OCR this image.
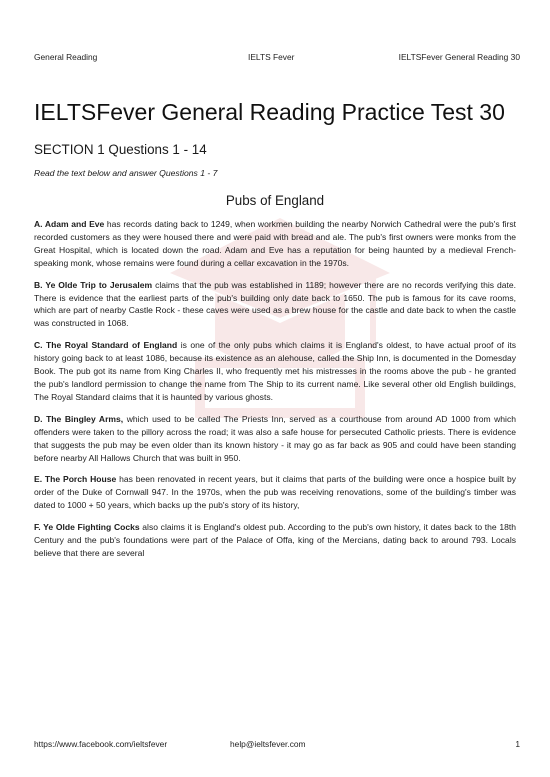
General Reading	IELTS Fever	IELTSFever General Reading 30
IELTSFever General Reading Practice Test 30
SECTION 1 Questions 1 - 14

Read the text below and answer Questions 1 - 7

Pubs of England

A. Adam and Eve has records dating back to 1249, when workmen building the nearby Norwich Cathedral were the pub's first recorded customers as they were housed there and were paid with bread and ale. The pub's first owners were monks from the Great Hospital, which is located down the road. Adam and Eve has a reputation for being haunted by a medieval French-speaking monk, whose remains were found during a cellar excavation in the 1970s.

B. Ye Olde Trip to Jerusalem claims that the pub was established in 1189; however there are no records verifying this date. There is evidence that the earliest parts of the pub's building only date back to 1650. The pub is famous for its cave rooms, which are part of nearby Castle Rock - these caves were used as a brew house for the castle and date back to when the castle was constructed in 1068.

C. The Royal Standard of England is one of the only pubs which claims it is England's oldest, to have actual proof of its history going back to at least 1086, because its existence as an alehouse, called the Ship Inn, is documented in the Domesday Book. The pub got its name from King Charles II, who frequently met his mistresses in the rooms above the pub - he granted the pub's landlord permission to change the name from The Ship to its current name. Like several other old English buildings, The Royal Standard claims that it is haunted by various ghosts.

D. The Bingley Arms, which used to be called The Priests Inn, served as a courthouse from around AD 1000 from which offenders were taken to the pillory across the road; it was also a safe house for persecuted Catholic priests. There is evidence that suggests the pub may be even older than its known history - it may go as far back as 905 and could have been standing before nearby All Hallows Church that was built in 950.

E. The Porch House has been renovated in recent years, but it claims that parts of the building were once a hospice built by order of the Duke of Cornwall 947. In the 1970s, when the pub was receiving renovations, some of the building's timber was dated to 1000 + 50 years, which backs up the pub's story of its history,

F. Ye Olde Fighting Cocks also claims it is England's oldest pub. According to the pub's own history, it dates back to the 18th Century and the pub's foundations were part of the Palace of Offa, king of the Mercians, dating back to around 793. Locals believe that there are several

https://www.facebook.com/ieltsfever	help@ieltsfever.com	1
